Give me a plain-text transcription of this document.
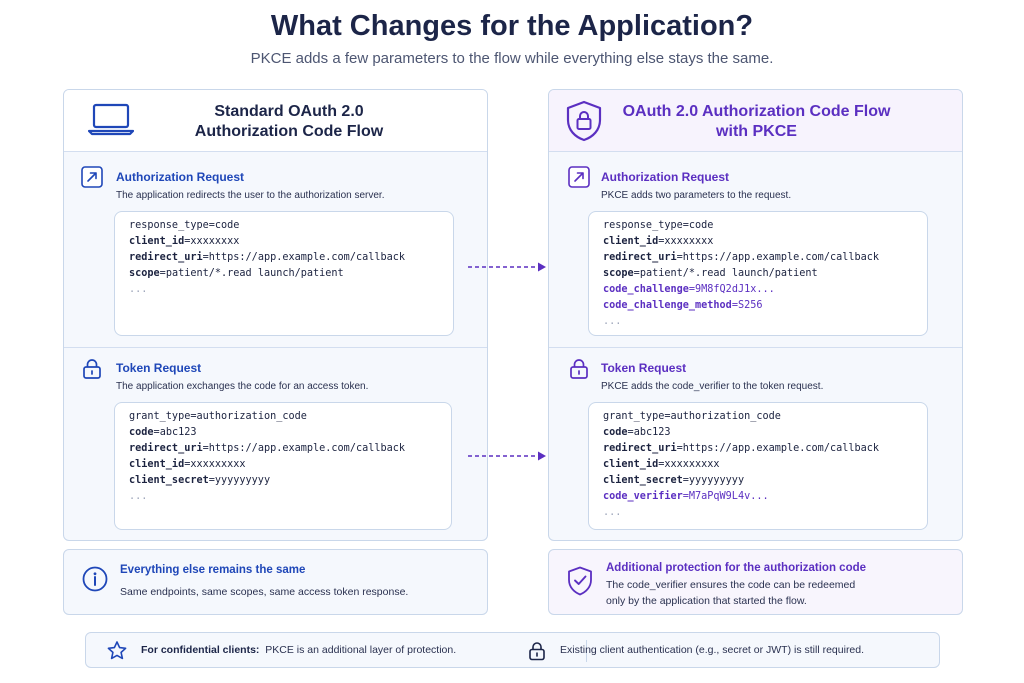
What Changes for the Application?
PKCE adds a few parameters to the flow while everything else stays the same.
Standard OAuth 2.0
Authorization Code Flow
Authorization Request
The application redirects the user to the authorization server.
response_type=code
client_id=xxxxxxxx
redirect_uri=https://app.example.com/callback
scope=patient/*.read launch/patient
...
Token Request
The application exchanges the code for an access token.
grant_type=authorization_code
code=abc123
redirect_uri=https://app.example.com/callback
client_id=xxxxxxxxx
client_secret=yyyyyyyyy
...
OAuth 2.0 Authorization Code Flow
with PKCE
Authorization Request
PKCE adds two parameters to the request.
response_type=code
client_id=xxxxxxxx
redirect_uri=https://app.example.com/callback
scope=patient/*.read launch/patient
code_challenge=9M8fQ2dJ1x...
code_challenge_method=S256
...
Token Request
PKCE adds the code_verifier to the token request.
grant_type=authorization_code
code=abc123
redirect_uri=https://app.example.com/callback
client_id=xxxxxxxxx
client_secret=yyyyyyyyy
code_verifier=M7aPqW9L4v...
...
Everything else remains the same
Same endpoints, same scopes, same access token response.
Additional protection for the authorization code
The code_verifier ensures the code can be redeemed
only by the application that started the flow.
For confidential clients: PKCE is an additional layer of protection.	Existing client authentication (e.g., secret or JWT) is still required.
